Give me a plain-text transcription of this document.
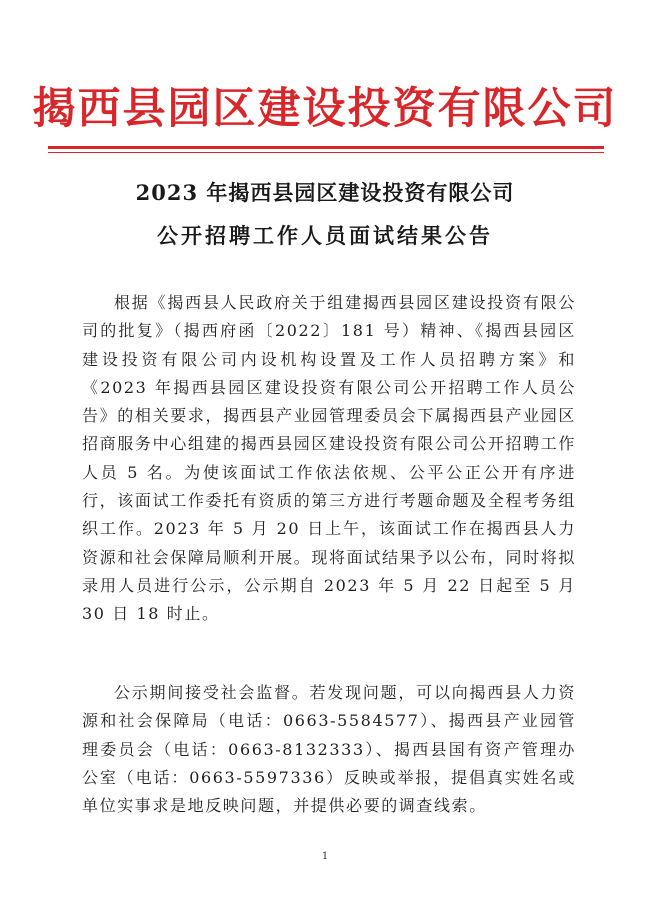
揭西县园区建设投资有限公司
2023 年揭西县园区建设投资有限公司
公开招聘工作人员面试结果公告

根据《揭西县人民政府关于组建揭西县园区建设投资有限公司的批复》（揭西府函〔2022〕181 号）精神、《揭西县园区建设投资有限公司内设机构设置及工作人员招聘方案》和《2023 年揭西县园区建设投资有限公司公开招聘工作人员公告》的相关要求，揭西县产业园管理委员会下属揭西县产业园区招商服务中心组建的揭西县园区建设投资有限公司公开招聘工作人员 5 名。为使该面试工作依法依规、公平公正公开有序进行，该面试工作委托有资质的第三方进行考题命题及全程考务组织工作。2023 年 5 月 20 日上午，该面试工作在揭西县人力资源和社会保障局顺利开展。现将面试结果予以公布，同时将拟录用人员进行公示，公示期自 2023 年 5 月 22 日起至 5 月 30 日 18 时止。

公示期间接受社会监督。若发现问题，可以向揭西县人力资源和社会保障局（电话：0663-5584577）、揭西县产业园管理委员会（电话：0663-8132333）、揭西县国有资产管理办公室（电话：0663-5597336）反映或举报，提倡真实姓名或单位实事求是地反映问题，并提供必要的调查线索。

1
